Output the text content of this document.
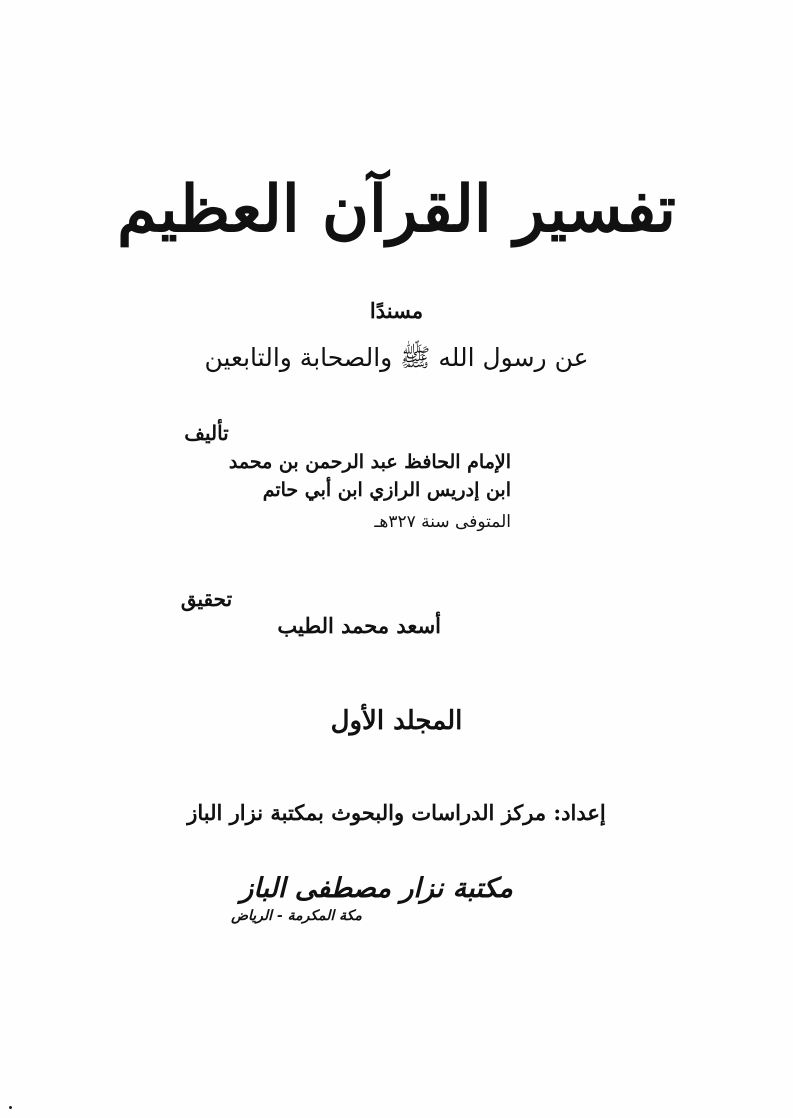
تفسير القرآن العظيم
مسندًا
عن رسول الله ﷺ والصحابة والتابعين
تأليف
الإمام الحافظ عبد الرحمن بن محمد
ابن إدريس الرازي ابن أبي حاتم
المتوفى سنة ٣٢٧هـ
تحقيق
أسعد محمد الطيب
المجلد الأول
إعداد: مركز الدراسات والبحوث بمكتبة نزار الباز
مكتبة نزار مصطفى الباز
مكة المكرمة - الرياض
